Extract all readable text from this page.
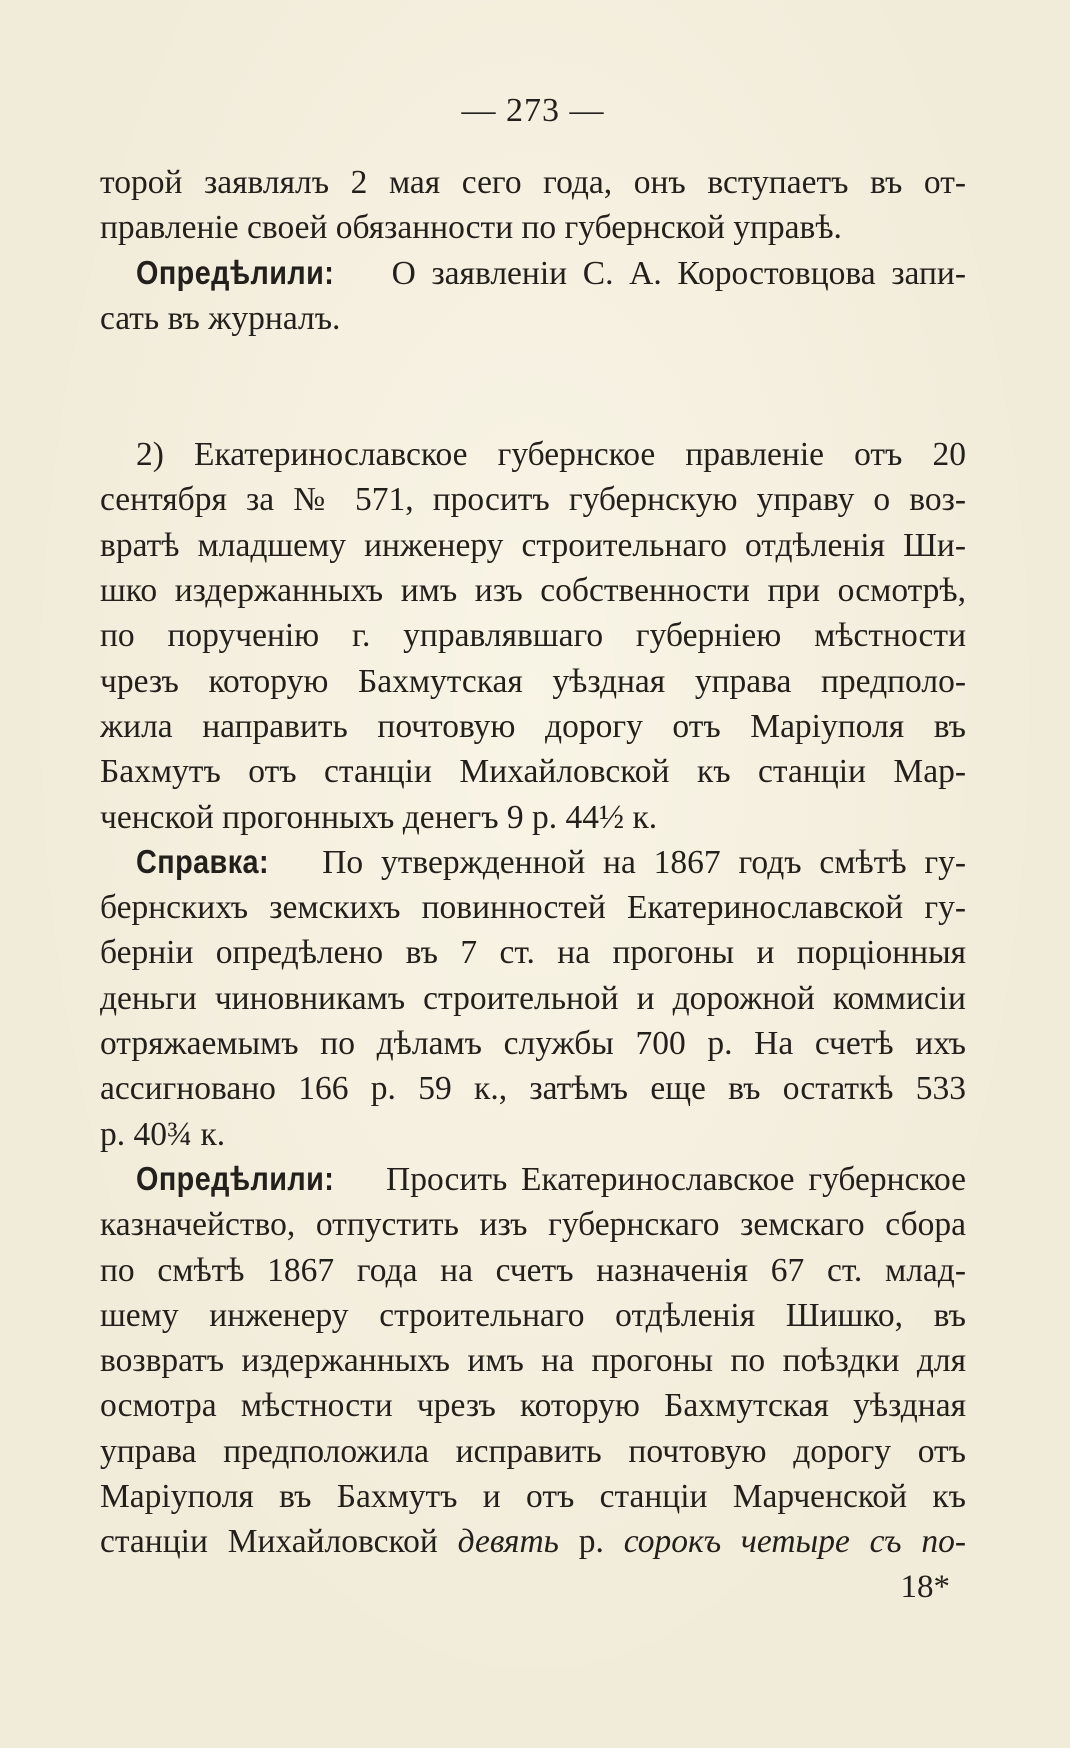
— 273 —
торой заявлялъ 2 мая сего года, онъ вступаетъ въ от-
правленіе своей обязанности по губернской управѣ.
Опредѣлили: О заявленіи С. А. Коростовцова запи-
сать въ журналъ.
2) Екатеринославское губернское правленіе отъ 20
сентября за № 571, проситъ губернскую управу о воз-
вратѣ младшему инженеру строительнаго отдѣленія Ши-
шко издержанныхъ имъ изъ собственности при осмотрѣ,
по порученію г. управлявшаго губерніею мѣстности
чрезъ которую Бахмутская уѣздная управа предполо-
жила направить почтовую дорогу отъ Маріуполя въ
Бахмутъ отъ станціи Михайловской къ станціи Мар-
ченской прогонныхъ денегъ 9 р. 44½ к.
Справка: По утвержденной на 1867 годъ смѣтѣ гу-
бернскихъ земскихъ повинностей Екатеринославской гу-
берніи опредѣлено въ 7 ст. на прогоны и порціонныя
деньги чиновникамъ строительной и дорожной коммисіи
отряжаемымъ по дѣламъ службы 700 р. На счетѣ ихъ
ассигновано 166 р. 59 к., затѣмъ еще въ остаткѣ 533
р. 40¾ к.
Опредѣлили: Просить Екатеринославское губернское
казначейство, отпустить изъ губернскаго земскаго сбора
по смѣтѣ 1867 года на счетъ назначенія 67 ст. млад-
шему инженеру строительнаго отдѣленія Шишко, въ
возвратъ издержанныхъ имъ на прогоны по поѣздки для
осмотра мѣстности чрезъ которую Бахмутская уѣздная
управа предположила исправить почтовую дорогу отъ
Маріуполя въ Бахмутъ и отъ станціи Марченской къ
станціи Михайловской девять р. сорокъ четыре съ по-
18*
